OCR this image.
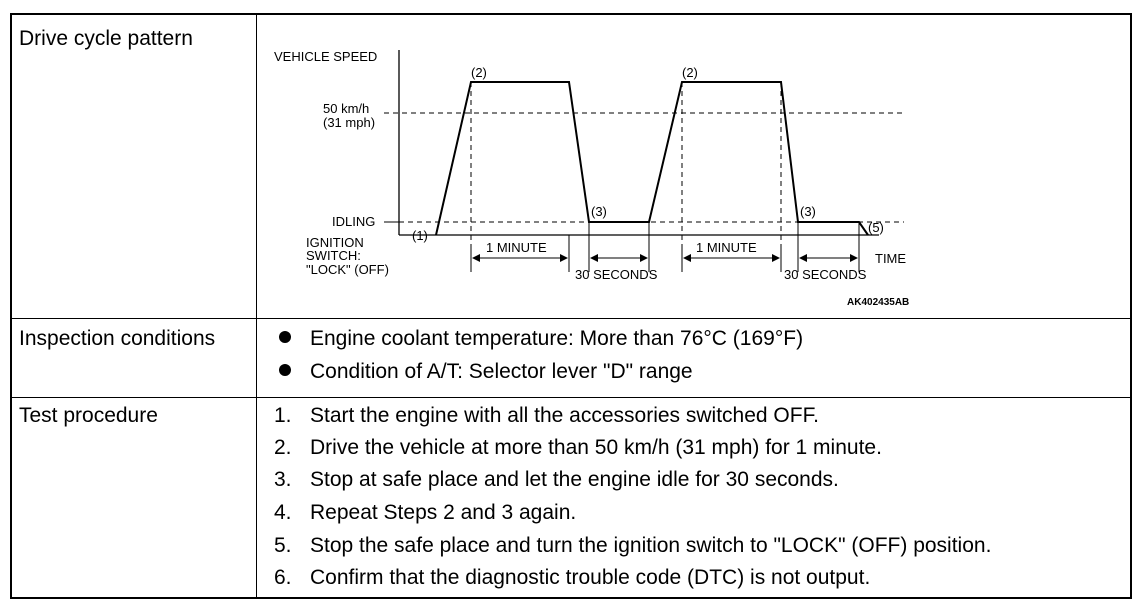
Drive cycle pattern
VEHICLE SPEED
TIME
50 km/h
(31 mph)
IDLING
IGNITION
SWITCH:
"LOCK" (OFF)
(1)
(2)
(3)
(2)
(3)
(5)
1 MINUTE
30 SECONDS
1 MINUTE
30 SECONDS
AK402435AB
Inspection conditions	Engine coolant temperature: More than 76°C (169°F)
Condition of A/T: Selector lever "D" range
Test procedure	1. Start the engine with all the accessories switched OFF.
2. Drive the vehicle at more than 50 km/h (31 mph) for 1 minute.
3. Stop at safe place and let the engine idle for 30 seconds.
4. Repeat Steps 2 and 3 again.
5. Stop the safe place and turn the ignition switch to "LOCK" (OFF) position.
6. Confirm that the diagnostic trouble code (DTC) is not output.
